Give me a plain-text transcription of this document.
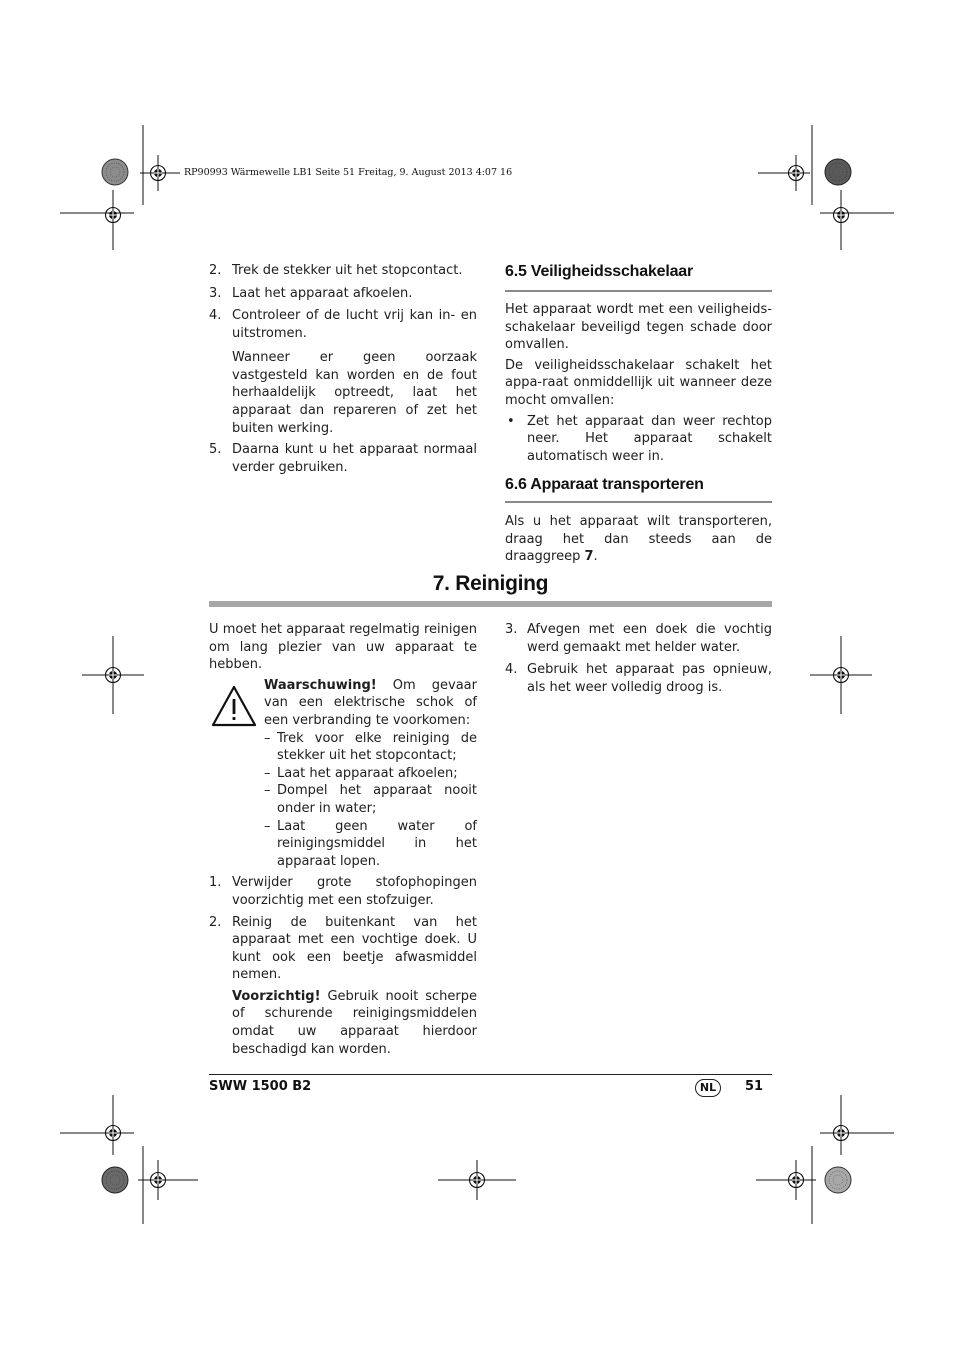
RP90993 Wärmewelle LB1 Seite 51 Freitag, 9. August 2013 4:07 16
2. Trek de stekker uit het stopcontact.
3. Laat het apparaat afkoelen.
4. Controleer of de lucht vrij kan in- en uitstromen.
Wanneer er geen oorzaak vastgesteld kan worden en de fout herhaaldelijk optreedt, laat het apparaat dan repareren of zet het buiten werking.
5. Daarna kunt u het apparaat normaal verder gebruiken.
6.5 Veiligheidsschakelaar
Het apparaat wordt met een veiligheids-schakelaar beveiligd tegen schade door omvallen.
De veiligheidsschakelaar schakelt het appa-raat onmiddellijk uit wanneer deze mocht omvallen:
• Zet het apparaat dan weer rechtop neer. Het apparaat schakelt automatisch weer in.
6.6 Apparaat transporteren
Als u het apparaat wilt transporteren, draag het dan steeds aan de draaggreep 7.
7. Reiniging
U moet het apparaat regelmatig reinigen om lang plezier van uw apparaat te hebben.
Waarschuwing! Om gevaar van een elektrische schok of een verbranding te voorkomen:
– Trek voor elke reiniging de stekker uit het stopcontact;
– Laat het apparaat afkoelen;
– Dompel het apparaat nooit onder in water;
– Laat geen water of reinigingsmiddel in het apparaat lopen.
1. Verwijder grote stofophopingen voorzichtig met een stofzuiger.
2. Reinig de buitenkant van het apparaat met een vochtige doek. U kunt ook een beetje afwasmiddel nemen.
Voorzichtig! Gebruik nooit scherpe of schurende reinigingsmiddelen omdat uw apparaat hierdoor beschadigd kan worden.
3. Afvegen met een doek die vochtig werd gemaakt met helder water.
4. Gebruik het apparaat pas opnieuw, als het weer volledig droog is.
SWW 1500 B2	NL	51
